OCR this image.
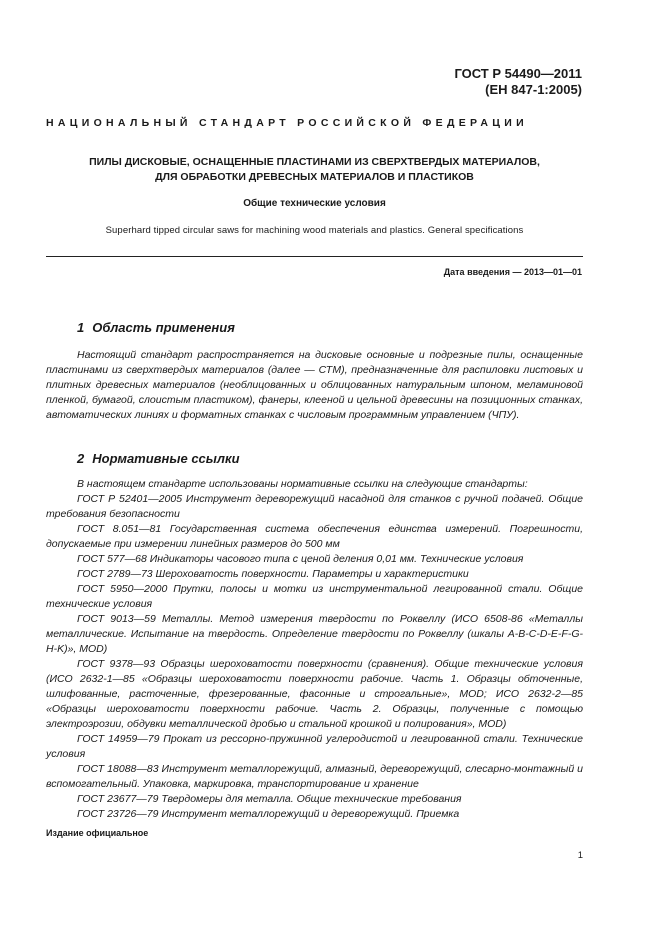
ГОСТ Р 54490—2011
(ЕН 847-1:2005)
НАЦИОНАЛЬНЫЙ СТАНДАРТ РОССИЙСКОЙ ФЕДЕРАЦИИ
ПИЛЫ ДИСКОВЫЕ, ОСНАЩЕННЫЕ ПЛАСТИНАМИ ИЗ СВЕРХТВЕРДЫХ МАТЕРИАЛОВ,
ДЛЯ ОБРАБОТКИ ДРЕВЕСНЫХ МАТЕРИАЛОВ И ПЛАСТИКОВ
Общие технические условия
Superhard tipped circular saws for machining wood materials and plastics. General specifications
Дата введения — 2013—01—01
1 Область применения

Настоящий стандарт распространяется на дисковые основные и подрезные пилы, оснащенные пластинами из сверхтвердых материалов (далее — СТМ), предназначенные для распиловки листовых и плитных древесных материалов (необлицованных и облицованных натуральным шпоном, меламиновой пленкой, бумагой, слоистым пластиком), фанеры, клееной и цельной древесины на позиционных станках, автоматических линиях и форматных станках с числовым программным управлением (ЧПУ).

2 Нормативные ссылки

В настоящем стандарте использованы нормативные ссылки на следующие стандарты:

ГОСТ Р 52401—2005 Инструмент дереворежущий насадной для станков с ручной подачей. Общие требования безопасности

ГОСТ 8.051—81 Государственная система обеспечения единства измерений. Погрешности, допускаемые при измерении линейных размеров до 500 мм

ГОСТ 577—68 Индикаторы часового типа с ценой деления 0,01 мм. Технические условия

ГОСТ 2789—73 Шероховатость поверхности. Параметры и характеристики

ГОСТ 5950—2000 Прутки, полосы и мотки из инструментальной легированной стали. Общие технические условия

ГОСТ 9013—59 Металлы. Метод измерения твердости по Роквеллу (ИСО 6508-86 «Металлы металлические. Испытание на твердость. Определение твердости по Роквеллу (шкалы A-B-C-D-E-F-G-H-K)», MOD)

ГОСТ 9378—93 Образцы шероховатости поверхности (сравнения). Общие технические условия (ИСО 2632-1—85 «Образцы шероховатости поверхности рабочие. Часть 1. Образцы обточенные, шлифованные, расточенные, фрезерованные, фасонные и строгальные», MOD; ИСО 2632-2—85 «Образцы шероховатости поверхности рабочие. Часть 2. Образцы, полученные с помощью электроэрозии, обдувки металлической дробью и стальной крошкой и полирования», MOD)

ГОСТ 14959—79 Прокат из рессорно-пружинной углеродистой и легированной стали. Технические условия

ГОСТ 18088—83 Инструмент металлорежущий, алмазный, дереворежущий, слесарно-монтажный и вспомогательный. Упаковка, маркировка, транспортирование и хранение

ГОСТ 23677—79 Твердомеры для металла. Общие технические требования

ГОСТ 23726—79 Инструмент металлорежущий и дереворежущий. Приемка

Издание официальное
1
